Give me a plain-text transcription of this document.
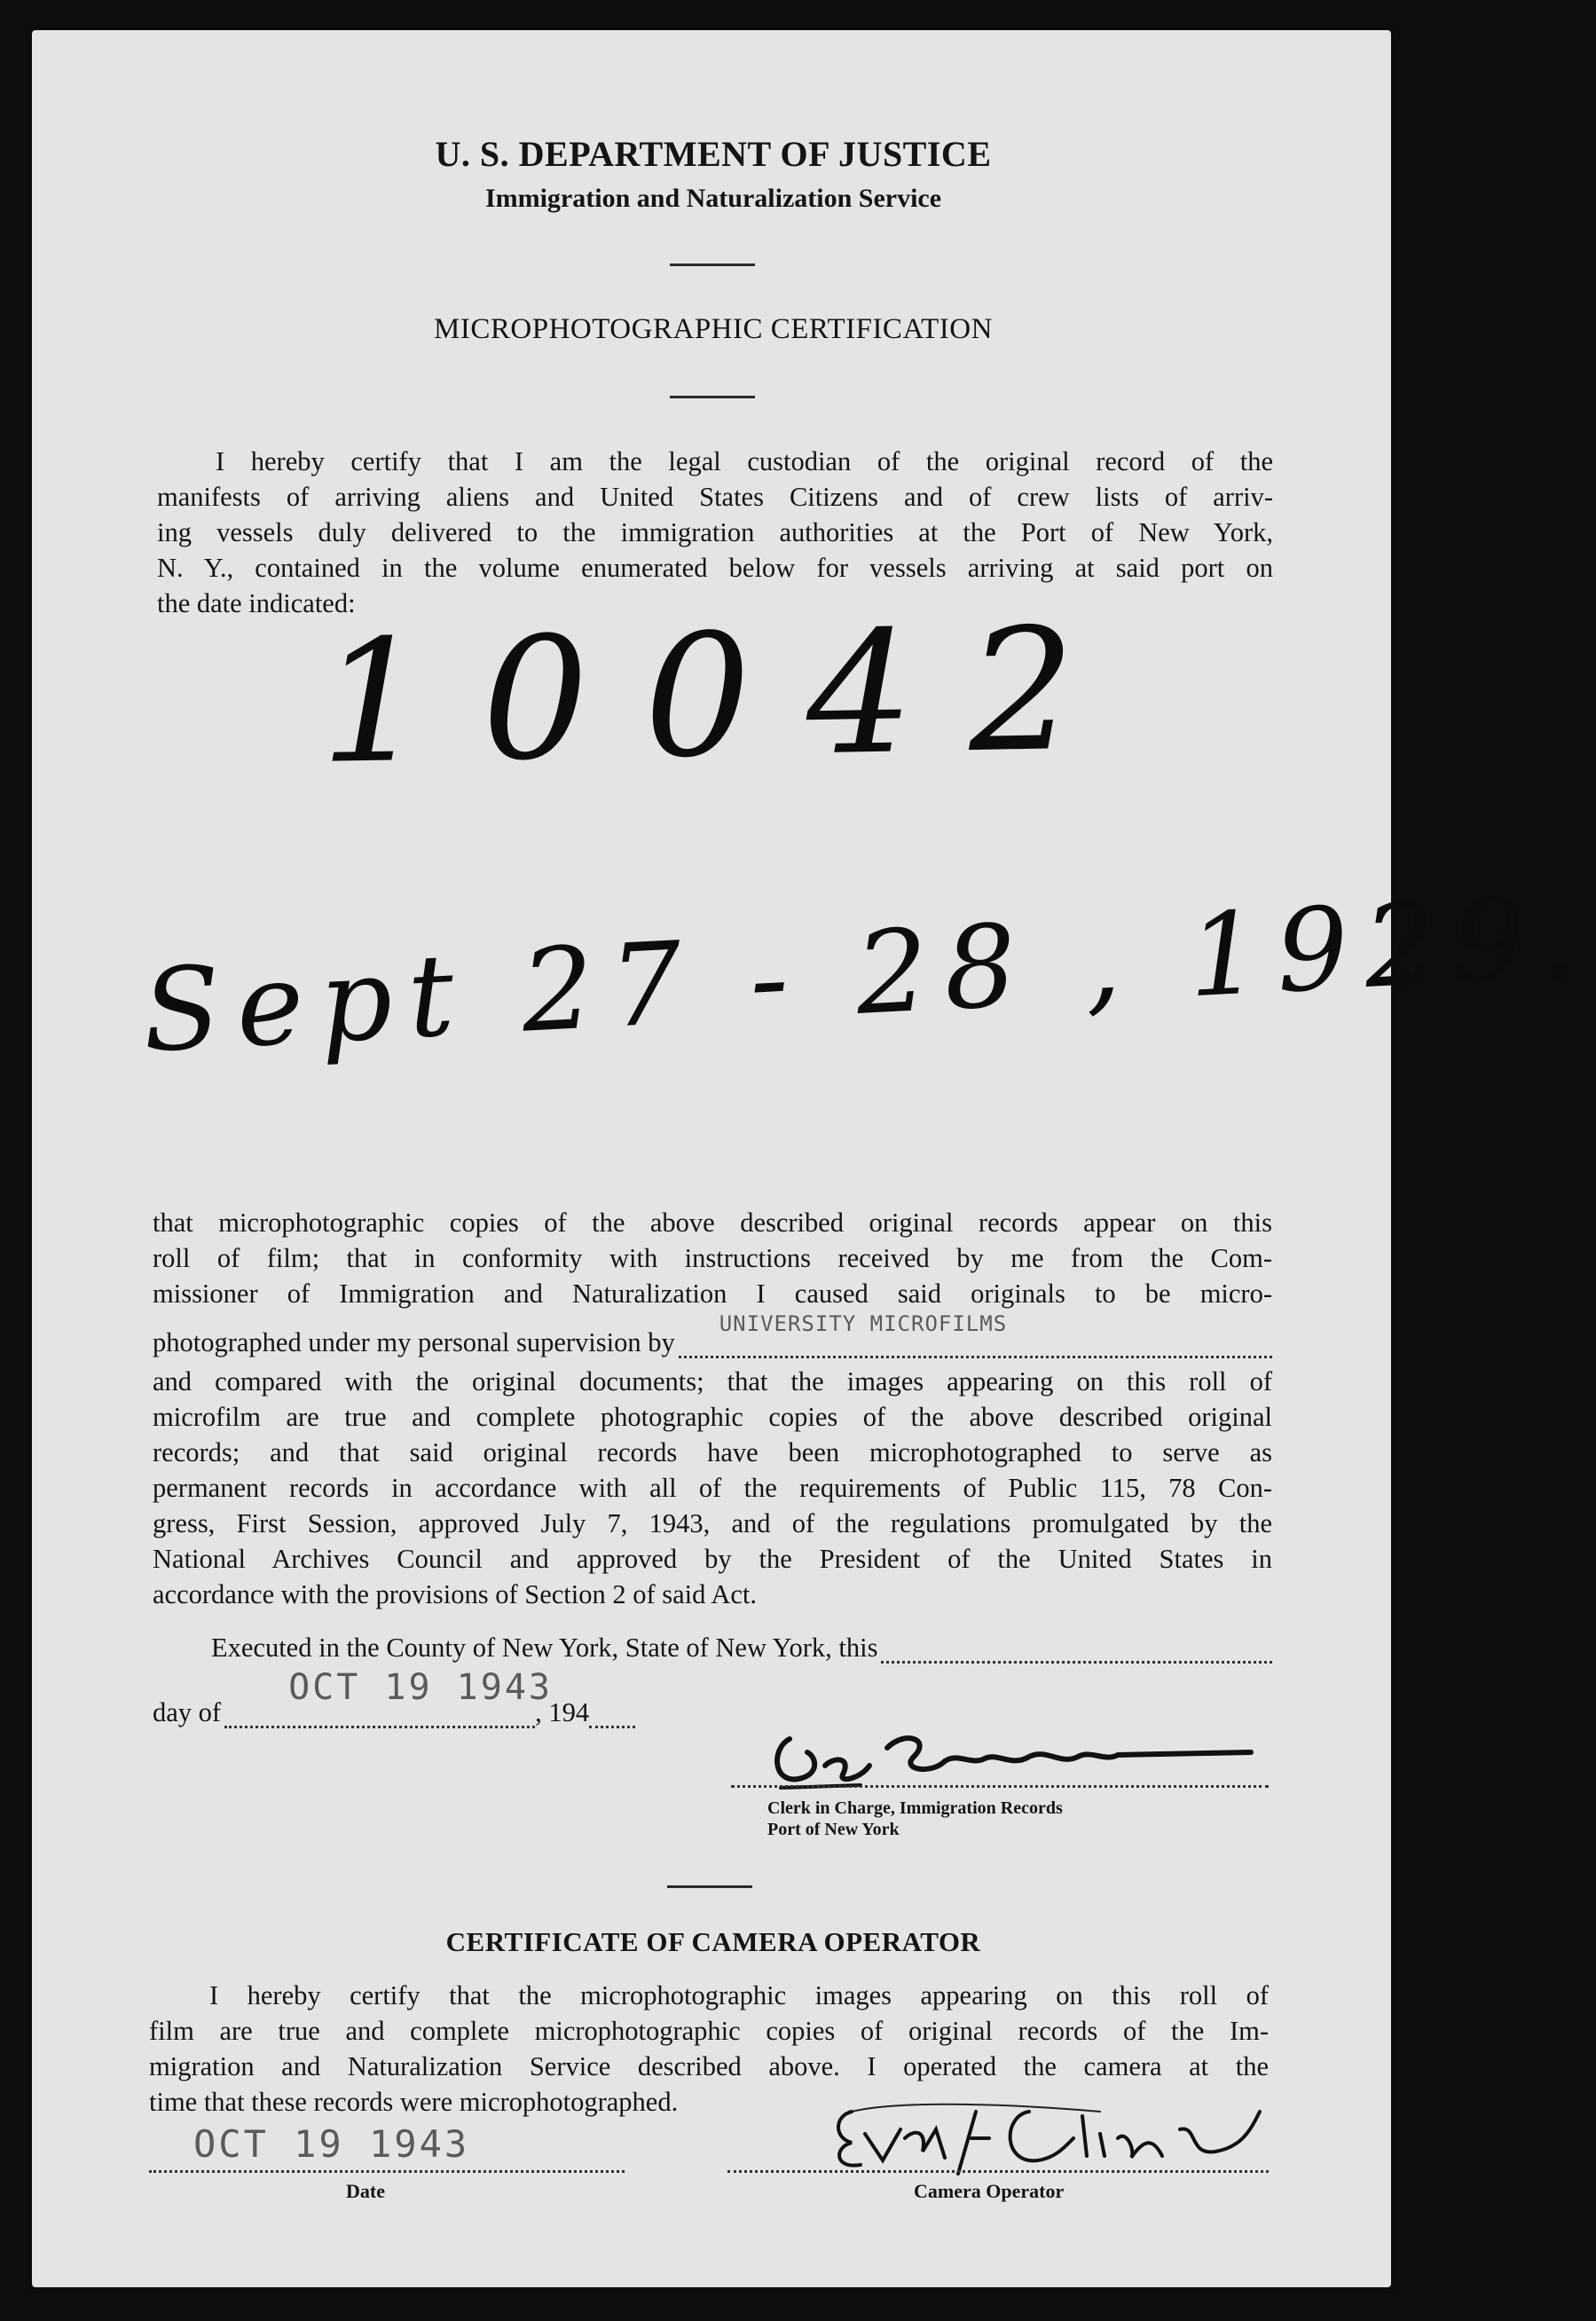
U. S. DEPARTMENT OF JUSTICE
Immigration and Naturalization Service
MICROPHOTOGRAPHIC CERTIFICATION

I hereby certify that I am the legal custodian of the original record of the

manifests of arriving aliens and United States Citizens and of crew lists of arriv-

ing vessels duly delivered to the immigration authorities at the Port of New York,

N. Y., contained in the volume enumerated below for vessels arriving at said port on

the date indicated:

10042
Sept 27 - 28 , 1929.

that microphotographic copies of the above described original records appear on this

roll of film; that in conformity with instructions received by me from the Com-

missioner of Immigration and Naturalization I caused said originals to be micro-

photographed under my personal supervision by
UNIVERSITY MICROFILMS

and compared with the original documents; that the images appearing on this roll of

microfilm are true and complete photographic copies of the above described original

records; and that said original records have been microphotographed to serve as

permanent records in accordance with all of the requirements of Public 115, 78 Con-

gress, First Session, approved July 7, 1943, and of the regulations promulgated by the

National Archives Council and approved by the President of the United States in

accordance with the provisions of Section 2 of said Act.

Executed in the County of New York, State of New York, this
day of
OCT 19 1943
, 194
Clerk in Charge, Immigration Records
Port of New York
CERTIFICATE OF CAMERA OPERATOR

I hereby certify that the microphotographic images appearing on this roll of

film are true and complete microphotographic copies of original records of the Im-

migration and Naturalization Service described above. I operated the camera at the

time that these records were microphotographed.

OCT 19 1943
Date	Camera Operator
